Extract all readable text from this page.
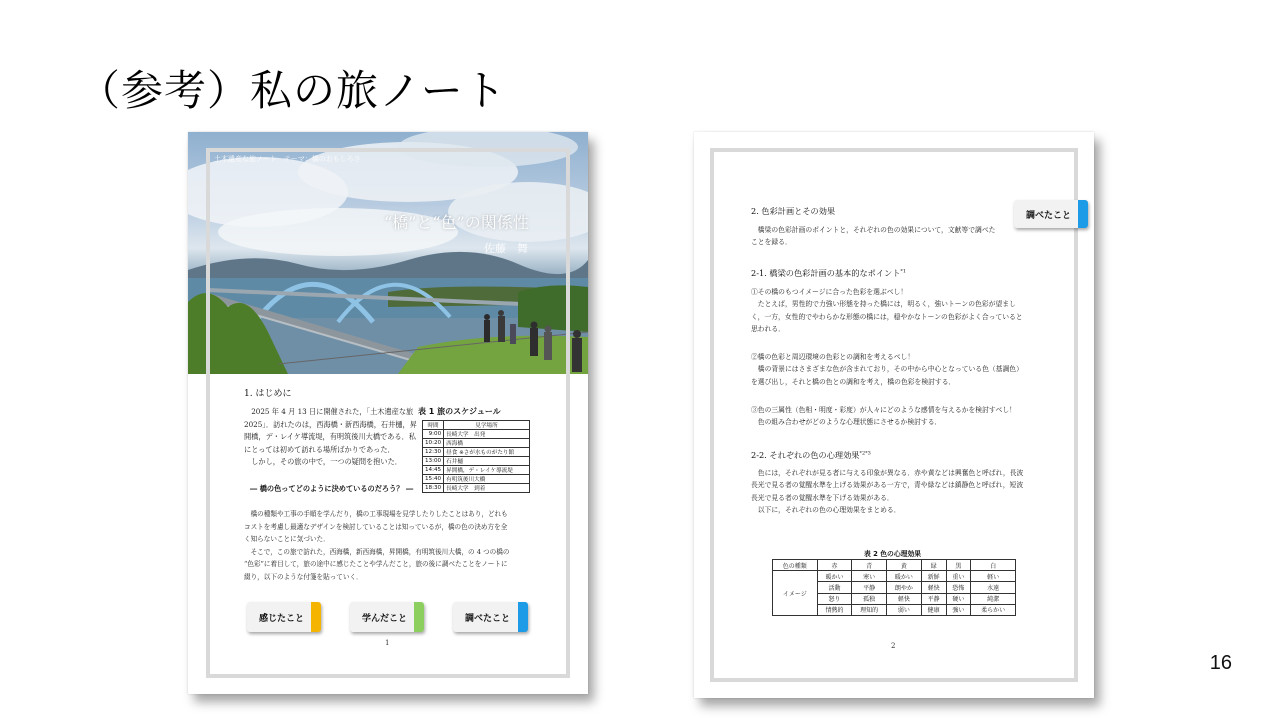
（参考）私の旅ノート
土木遺産な旅ノート　テーマ：橋のおもしろさ
“橋”と“色”の関係性
佐藤　舞
1. はじめに
　2025 年 4 月 13 日に開催された，「土木遺産な旅
2025」．訪れたのは，西海橋・新西海橋，石井樋，昇
開橋，デ・レイケ導流堤，有明筑後川大橋である．私
にとっては初めて訪れる場所ばかりであった．
　しかし，その旅の中で，一つの疑問を抱いた．
表 1 旅のスケジュール
時間	見学場所
9:00	長崎大学　出発
10:20	西海橋
12:30	昼食 ※さが水ものがたり館
13:00	石井樋
14:45	昇開橋，デ・レイケ導流堤
15:40	有明筑後川大橋
18:30	長崎大学　到着
― 橋の色ってどのように決めているのだろう？ ―
　橋の種類や工事の手順を学んだり，橋の工事現場を見学したりしたことはあり，どれも
コストを考慮し最適なデザインを検討していることは知っているが，橋の色の決め方を全
く知らないことに気づいた．
　そこで，この旅で訪れた，西海橋，新西海橋，昇開橋，有明筑後川大橋，の 4 つの橋の
“色彩”に着目して，旅の途中に感じたことや学んだこと，旅の後に調べたことをノートに
綴り，以下のような付箋を貼っていく．
感じたこと	学んだこと	調べたこと
1
調べたこと
2. 色彩計画とその効果
　橋梁の色彩計画のポイントと，それぞれの色の効果について，文献等で調べた
ことを録る．
2-1. 橋梁の色彩計画の基本的なポイント$^{*1}$
①その橋のもつイメージに合った色彩を選ぶべし！
　たとえば，男性的で力強い形態を持った橋には，明るく，強いトーンの色彩が望まし
く，一方，女性的でやわらかな形態の橋には，穏やかなトーンの色彩がよく合っていると
思われる．
②橋の色彩と周辺環境の色彩との調和を考えるべし！
　橋の背景にはさまざまな色が含まれており，その中から中心となっている色（基調色）
を選び出し，それと橋の色との調和を考え，橋の色彩を検討する．
③色の三属性（色相・明度・彩度）が人々にどのような感情を与えるかを検討すべし！
　色の組み合わせがどのような心理状態にさせるか検討する．
2-2. それぞれの色の心理効果$^{*2*3}$
　色には，それぞれが見る者に与える印象が異なる．赤や黄などは興奮色と呼ばれ，長波
長光で見る者の覚醒水準を上げる効果がある一方で，青や緑などは鎮静色と呼ばれ，短波
長光で見る者の覚醒水準を下げる効果がある．
　以下に，それぞれの色の心理効果をまとめる．
表 2 色の心理効果
色の種類	赤	青	黄	緑	黒	白
イメージ	暖かい	寒い	暖かい	新鮮	重い	軽い
	活動	平静	朗やか	軽快	恐怖	水遠
	怒り	孤独	軽快	平静	硬い	純潔
	情熱的	理知的	弱い	健康	強い	柔らかい
2
16
